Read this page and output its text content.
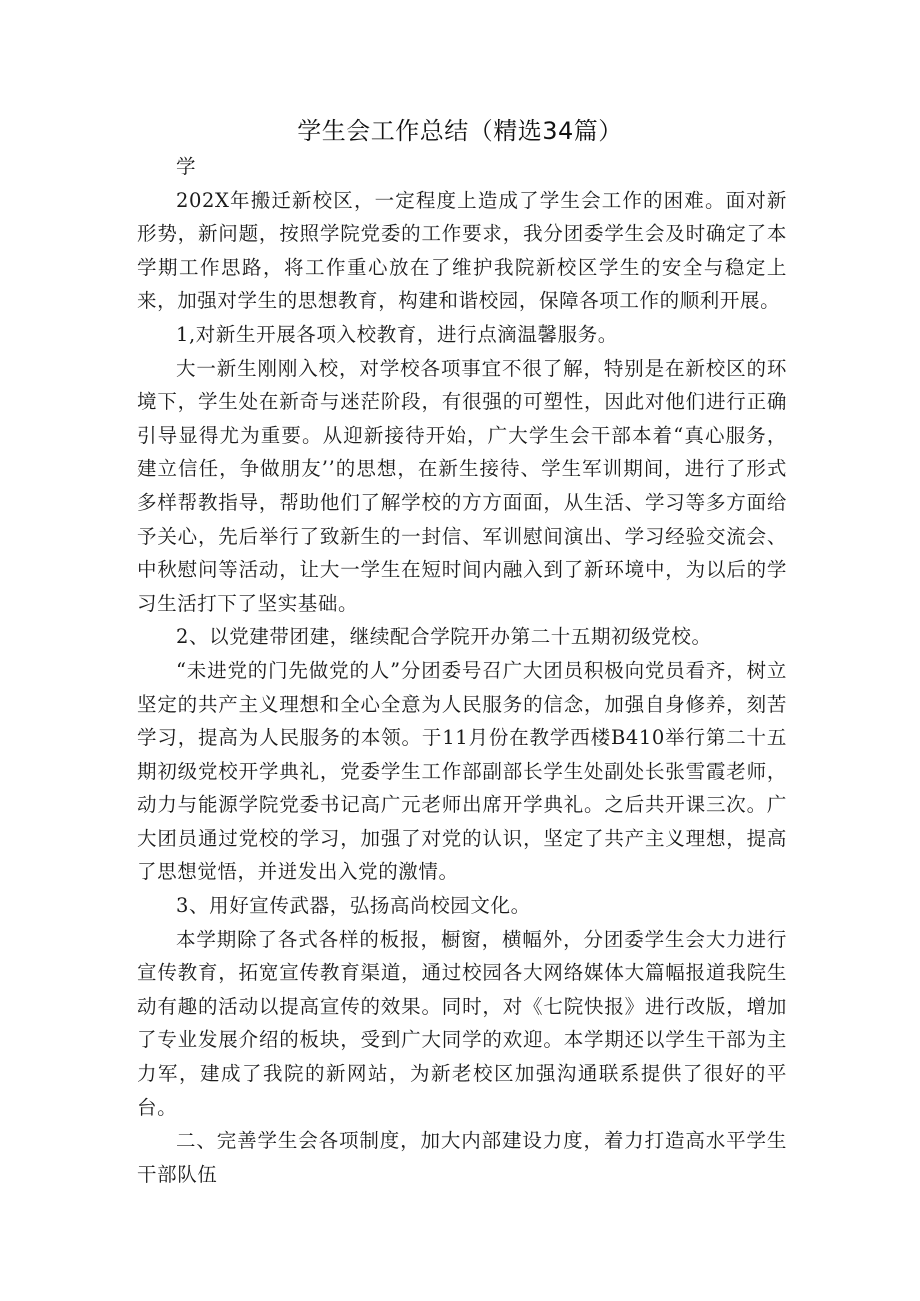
学生会工作总结（精选34篇）

学

202X年搬迁新校区，一定程度上造成了学生会工作的困难。面对新形势，新问题，按照学院党委的工作要求，我分团委学生会及时确定了本学期工作思路，将工作重心放在了维护我院新校区学生的安全与稳定上来，加强对学生的思想教育，构建和谐校园，保障各项工作的顺利开展。

1,对新生开展各项入校教育，进行点滴温馨服务。

大一新生刚刚入校，对学校各项事宜不很了解，特别是在新校区的环境下，学生处在新奇与迷茫阶段，有很强的可塑性，因此对他们进行正确引导显得尤为重要。从迎新接待开始，广大学生会干部本着“真心服务，建立信任，争做朋友’’的思想，在新生接待、学生军训期间，进行了形式多样帮教指导，帮助他们了解学校的方方面面，从生活、学习等多方面给予关心，先后举行了致新生的一封信、军训慰间演出、学习经验交流会、中秋慰问等活动，让大一学生在短时间内融入到了新环境中，为以后的学习生活打下了坚实基础。

2、以党建带团建，继续配合学院开办第二十五期初级党校。

“未进党的门先做党的人”分团委号召广大团员积极向党员看齐，树立坚定的共产主义理想和全心全意为人民服务的信念，加强自身修养，刻苦学习，提高为人民服务的本领。于11月份在教学西楼B410举行第二十五期初级党校开学典礼，党委学生工作部副部长学生处副处长张雪霞老师，动力与能源学院党委书记高广元老师出席开学典礼。之后共开课三次。广大团员通过党校的学习，加强了对党的认识，坚定了共产主义理想，提高了思想觉悟，并迸发出入党的激情。

3、用好宣传武器，弘扬高尚校园文化。

本学期除了各式各样的板报，橱窗，横幅外，分团委学生会大力进行宣传教育，拓宽宣传教育渠道，通过校园各大网络媒体大篇幅报道我院生动有趣的活动以提高宣传的效果。同时，对《七院快报》进行改版，增加了专业发展介绍的板块，受到广大同学的欢迎。本学期还以学生干部为主力军，建成了我院的新网站，为新老校区加强沟通联系提供了很好的平台。

二、完善学生会各项制度，加大内部建设力度，着力打造高水平学生干部队伍
